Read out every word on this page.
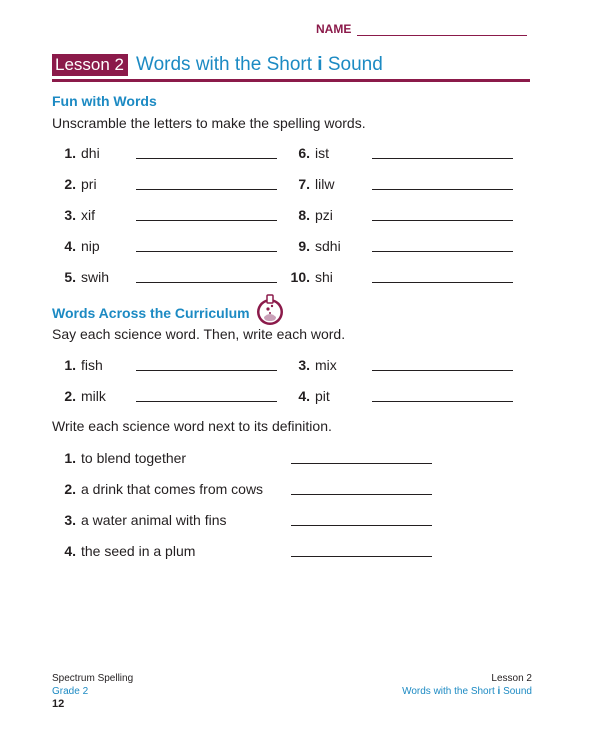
NAME
Lesson 2 Words with the Short i Sound
Fun with Words
Unscramble the letters to make the spelling words.
1. dhi
2. pri
3. xif
4. nip
5. swih
6. ist
7. lilw
8. pzi
9. sdhi
10. shi
Words Across the Curriculum
Say each science word. Then, write each word.
1. fish
2. milk
3. mix
4. pit
Write each science word next to its definition.
1. to blend together
2. a drink that comes from cows
3. a water animal with fins
4. the seed in a plum
Spectrum Spelling
Grade 2
12
Lesson 2
Words with the Short i Sound
